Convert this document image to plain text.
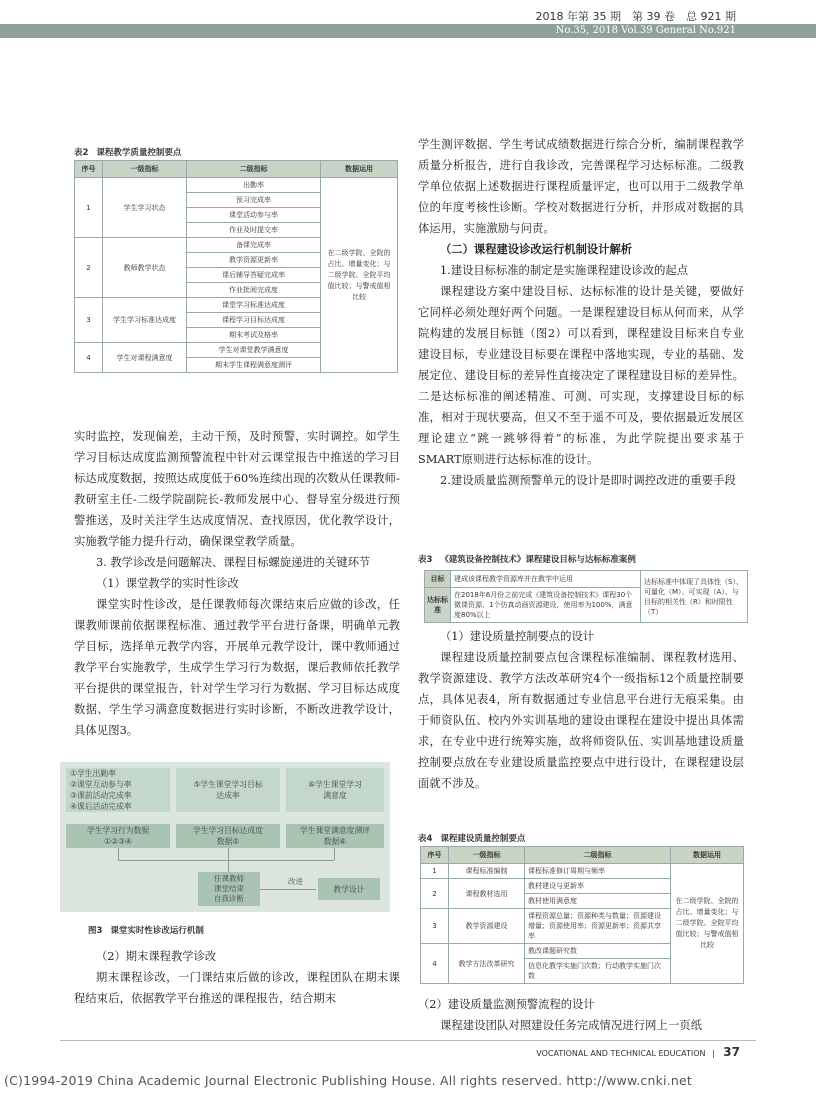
2018 年第 35 期　第 39 卷　总 921 期
No.35, 2018 Vol.39 General No.921
表2 课程教学质量控制要点
序号	一级指标	二级指标	数据运用
1	学生学习状态	出勤率	在二级学院、全院的占比、增量变化；与二级学院、全院平均值比较；与警戒值相比较
		预习完成率	
		课堂活动参与率	
		作业及时提交率	
2	教师教学状态	备课完成率	
		教学资源更新率	
		课后辅导答疑完成率	
		作业批阅完成度	
3	学生学习标准达成度	课堂学习标准达成度	
		课程学习目标达成度	
		期末考试及格率	
4	学生对课程满意度	学生对课堂教学满意度	
		期末学生课程满意度测评	

实时监控，发现偏差，主动干预，及时预警，实时调控。如学生学习目标达成度监测预警流程中针对云课堂报告中推送的学习目标达成度数据，按照达成度低于60%连续出现的次数从任课教师-教研室主任-二级学院副院长-教师发展中心、督导室分级进行预警推送，及时关注学生达成度情况、查找原因，优化教学设计，实施教学能力提升行动，确保课堂教学质量。

3. 教学诊改是问题解决、课程目标螺旋递进的关键环节
（1）课堂教学的实时性诊改

课堂实时性诊改，是任课教师每次课结束后应做的诊改，任课教师课前依据课程标准、通过教学平台进行备课，明确单元教学目标，选择单元教学内容，开展单元教学设计，课中教师通过教学平台实施教学，生成学生学习行为数据，课后教师依托教学平台提供的课堂报告，针对学生学习行为数据、学习目标达成度数据、学生学习满意度数据进行实时诊断，不断改进教学设计，具体见图3。

①学生出勤率
②课堂互动参与率
③课前活动完成率
④课后活动完成率
⑤学生课堂学习目标
达成率
⑥学生课堂学习
满意度
学生学习行为数据
①②③④
学生学习目标达成度
数据⑤
学生课堂满意度测评
数据⑥
任课教师
课堂结束
自我诊断
改进
教学设计
图3 课堂实时性诊改运行机制
（2）期末课程教学诊改

期末课程诊改，一门课结束后做的诊改，课程团队在期末课程结束后，依据教学平台推送的课程报告，结合期末

学生测评数据、学生考试成绩数据进行综合分析，编制课程教学质量分析报告，进行自我诊改，完善课程学习达标标准。二级教学单位依据上述数据进行课程质量评定，也可以用于二级教学单位的年度考核性诊断。学校对数据进行分析，并形成对数据的具体运用，实施激励与问责。

（二）课程建设诊改运行机制设计解析
1.建设目标标准的制定是实施课程建设诊改的起点

课程建设方案中建设目标、达标标准的设计是关键，要做好它同样必须处理好两个问题。一是课程建设目标从何而来，从学院构建的发展目标链（图2）可以看到，课程建设目标来自专业建设目标，专业建设目标要在课程中落地实现，专业的基础、发展定位、建设目标的差异性直接决定了课程建设目标的差异性。二是达标标准的阐述精准、可测、可实现，支撑建设目标的标准，相对于现状要高，但又不至于遥不可及，要依据最近发展区理论建立“跳一跳够得着”的标准，为此学院提出要求基于SMART原则进行达标标准的设计。

2.建设质量监测预警单元的设计是即时调控改进的重要手段

表3 《建筑设备控制技术》课程建设目标与达标标准案例
目标	建成该课程教学资源库并在教学中运用	达标标准中体现了具体性（S）、可量化（M）、可实现（A）、与目标的相关性（R）和时限性（T）
达标标准	在2018年6月份之前完成《建筑设备控制技术》课程30个微课资源、1个仿真动画资源建设，使用率为100%，满意度80%以上	
（1）建设质量控制要点的设计

课程建设质量控制要点包含课程标准编制、课程教材选用、教学资源建设、教学方法改革研究4个一级指标12个质量控制要点，具体见表4，所有数据通过专业信息平台进行无痕采集。由于师资队伍、校内外实训基地的建设由课程在建设中提出具体需求，在专业中进行统筹实施，故将师资队伍、实训基地建设质量控制要点放在专业建设质量监控要点中进行设计，在课程建设层面就不涉及。

表4 课程建设质量控制要点
序号	一级指标	二级指标	数据运用
1	课程标准编制	课程标准修订周期与频率	在二级学院、全院的占比、增量变化；与二级学院、全院平均值比较；与警戒值相比较
2	课程教材选用	教材建设与更新率	
		教材使用满意度	
3	教学资源建设	课程资源总量；资源种类与数量；资源建设增量；资源使用率；资源更新率；资源共享率	
4	教学方法改革研究	教改课题研究数	
		信息化教学实施门次数；行动教学实施门次数	
（2）建设质量监测预警流程的设计

课程建设团队对照建设任务完成情况进行网上一页纸

VOCATIONAL AND TECHNICAL EDUCATION | 37
(C)1994-2019 China Academic Journal Electronic Publishing House. All rights reserved. http://www.cnki.net
